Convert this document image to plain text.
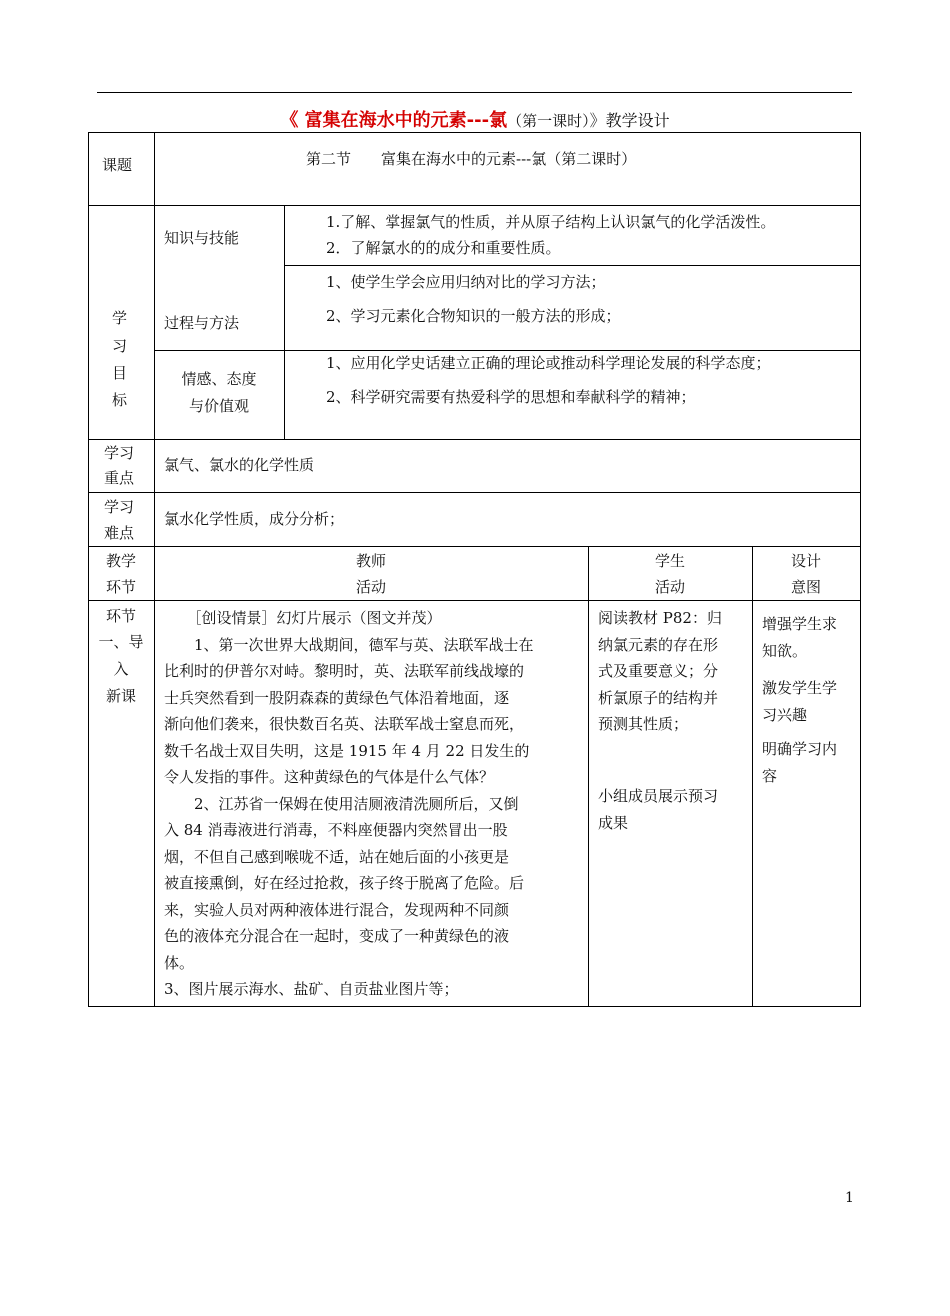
《 富集在海水中的元素---氯（第一课时）》教学设计
课题	第二节　　富集在海水中的元素---氯（第二课时）
学
习
目
标
知识与技能
1.了解、掌握氯气的性质，并从原子结构上认识氯气的化学活泼性。
2．了解氯水的的成分和重要性质。
过程与方法
1、使学生学会应用归纳对比的学习方法；
2、学习元素化合物知识的一般方法的形成；
情感、态度
与价值观
1、应用化学史话建立正确的理论或推动科学理论发展的科学态度；
2、科学研究需要有热爱科学的思想和奉献科学的精神；
学习
重点
氯气、氯水的化学性质
学习
难点
氯水化学性质，成分分析；
教学
环节
教师
活动
学生
活动
设计
意图
环节
一、导
入
新课
　　［创设情景］幻灯片展示（图文并茂）
　　1、第一次世界大战期间，德军与英、法联军战士在
比利时的伊普尔对峙。黎明时，英、法联军前线战壕的
士兵突然看到一股阴森森的黄绿色气体沿着地面，逐
渐向他们袭来，很快数百名英、法联军战士窒息而死，
数千名战士双目失明，这是 1915 年 4 月 22 日发生的
令人发指的事件。这种黄绿色的气体是什么气体？
　　2、江苏省一保姆在使用洁厕液清洗厕所后，又倒
入 84 消毒液进行消毒，不料座便器内突然冒出一股
烟，不但自己感到喉咙不适，站在她后面的小孩更是
被直接熏倒，好在经过抢救，孩子终于脱离了危险。后
来，实验人员对两种液体进行混合，发现两种不同颜
色的液体充分混合在一起时，变成了一种黄绿色的液
体。
3、图片展示海水、盐矿、自贡盐业图片等；
阅读教材 P82：归
纳氯元素的存在形
式及重要意义；分
析氯原子的结构并
预测其性质；
小组成员展示预习
成果
增强学生求
知欲。
激发学生学
习兴趣
明确学习内
容
1
